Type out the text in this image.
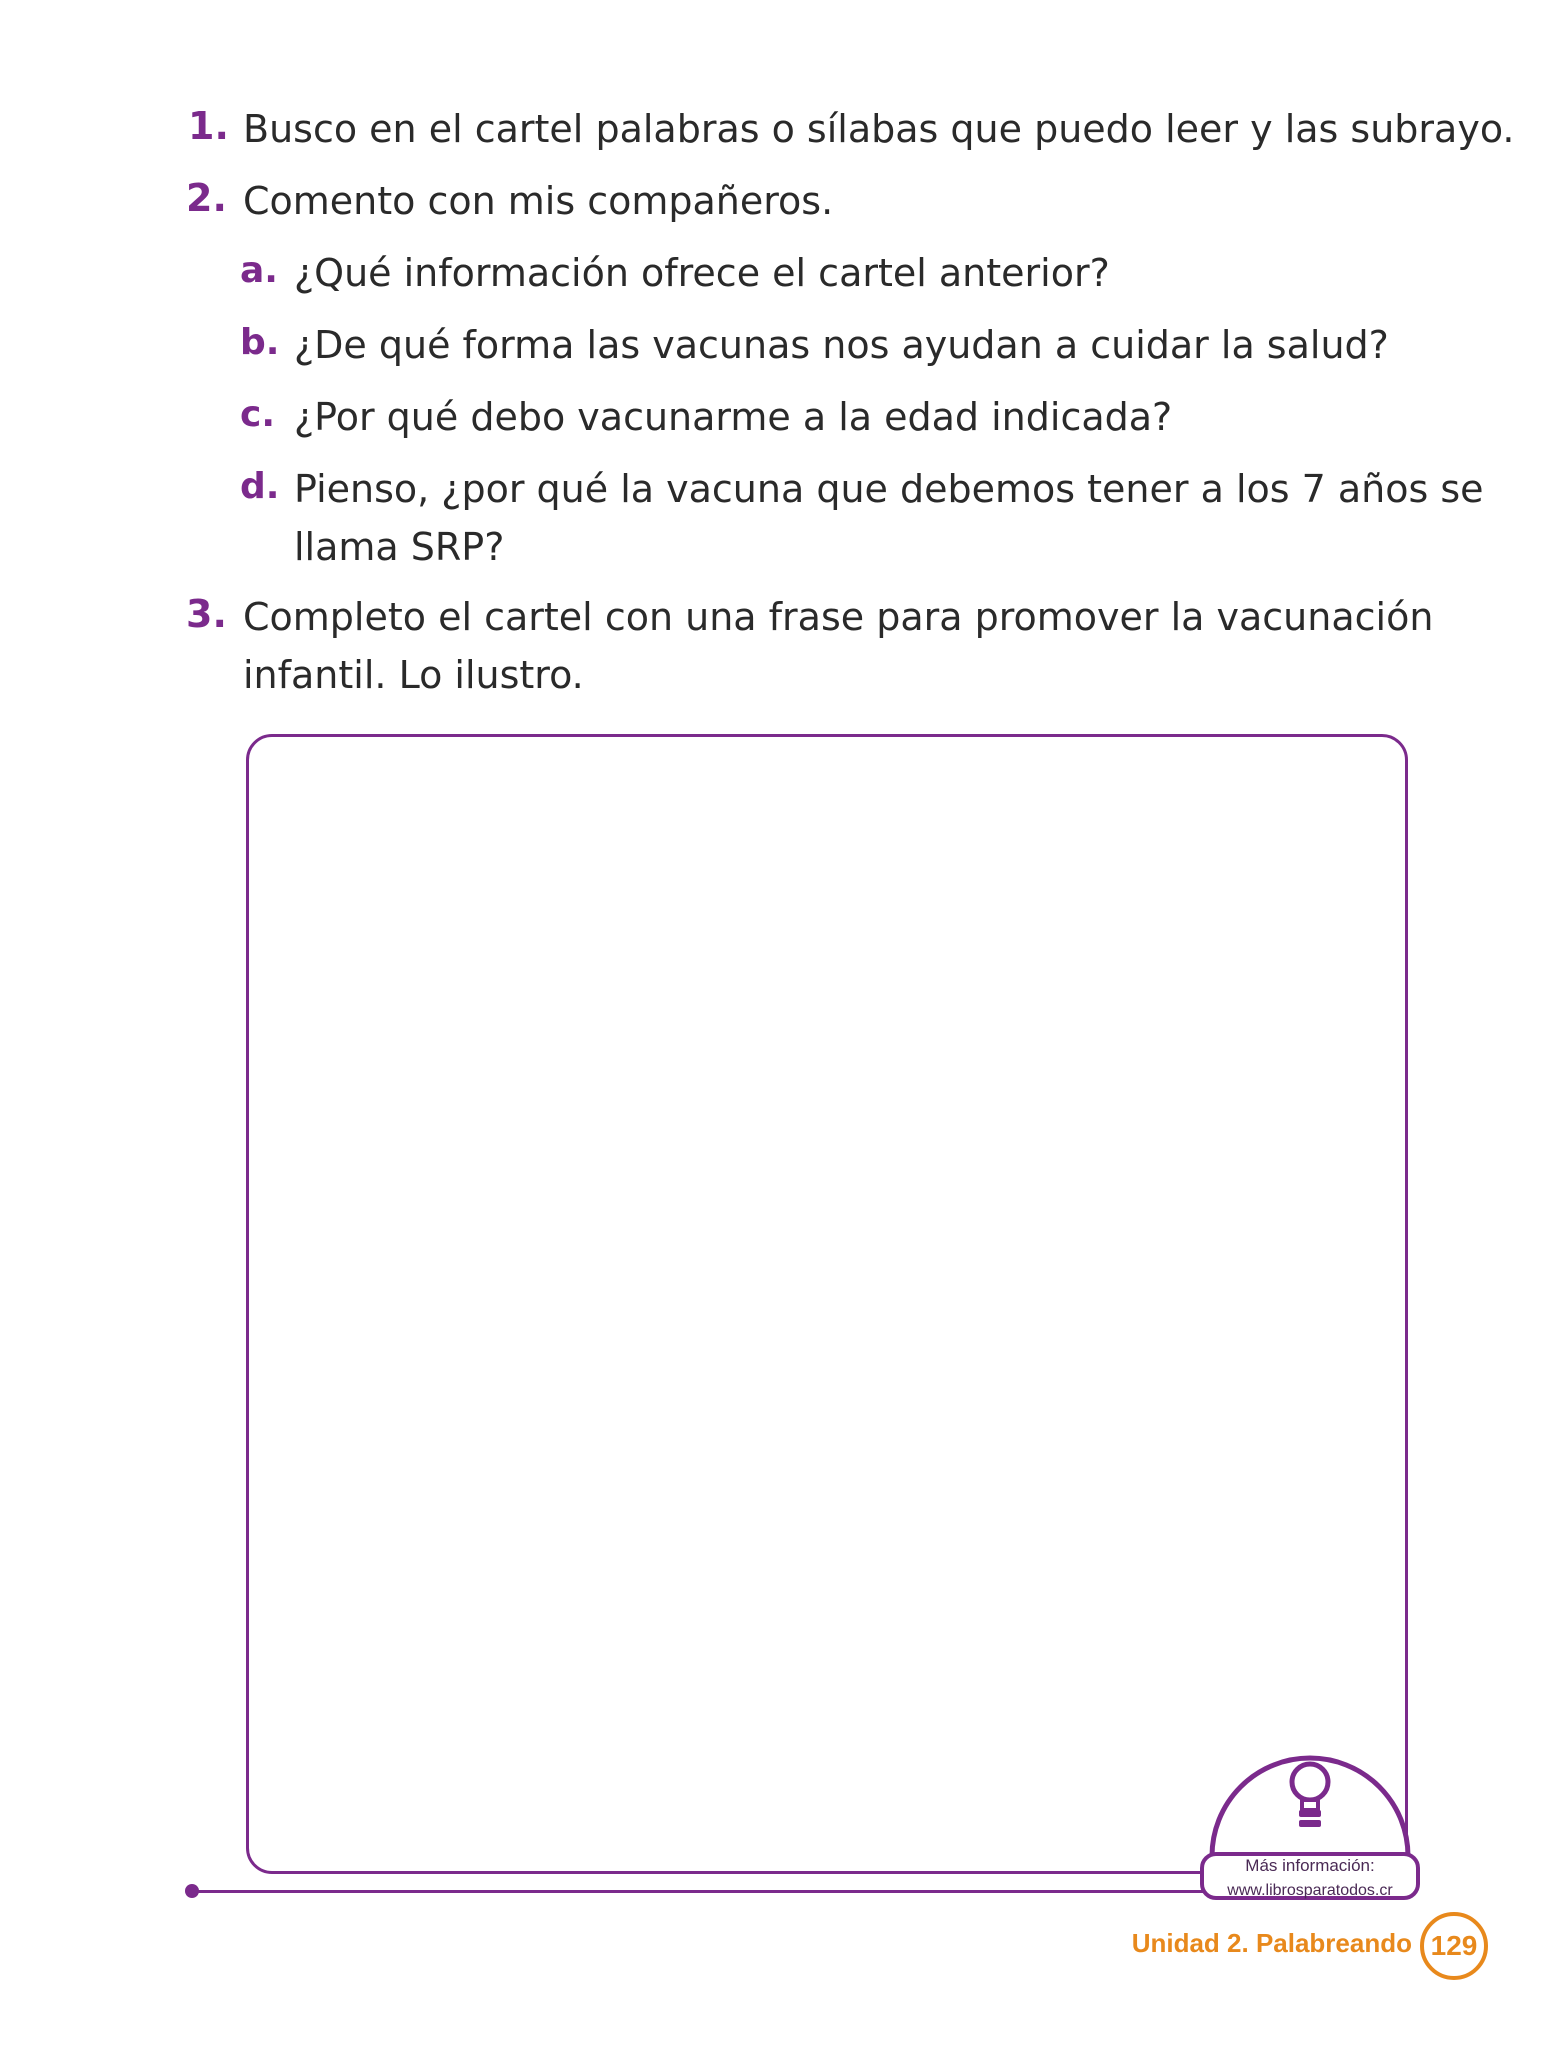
1. Busco en el cartel palabras o sílabas que puedo leer y las subrayo.
2. Comento con mis compañeros.
a. ¿Qué información ofrece el cartel anterior?
b. ¿De qué forma las vacunas nos ayudan a cuidar la salud?
c. ¿Por qué debo vacunarme a la edad indicada?
d. Pienso, ¿por qué la vacuna que debemos tener a los 7 años se
llama SRP?
3. Completo el cartel con una frase para promover la vacunación
infantil. Lo ilustro.
Más información:
www.librosparatodos.cr
Unidad 2. Palabreando 129
